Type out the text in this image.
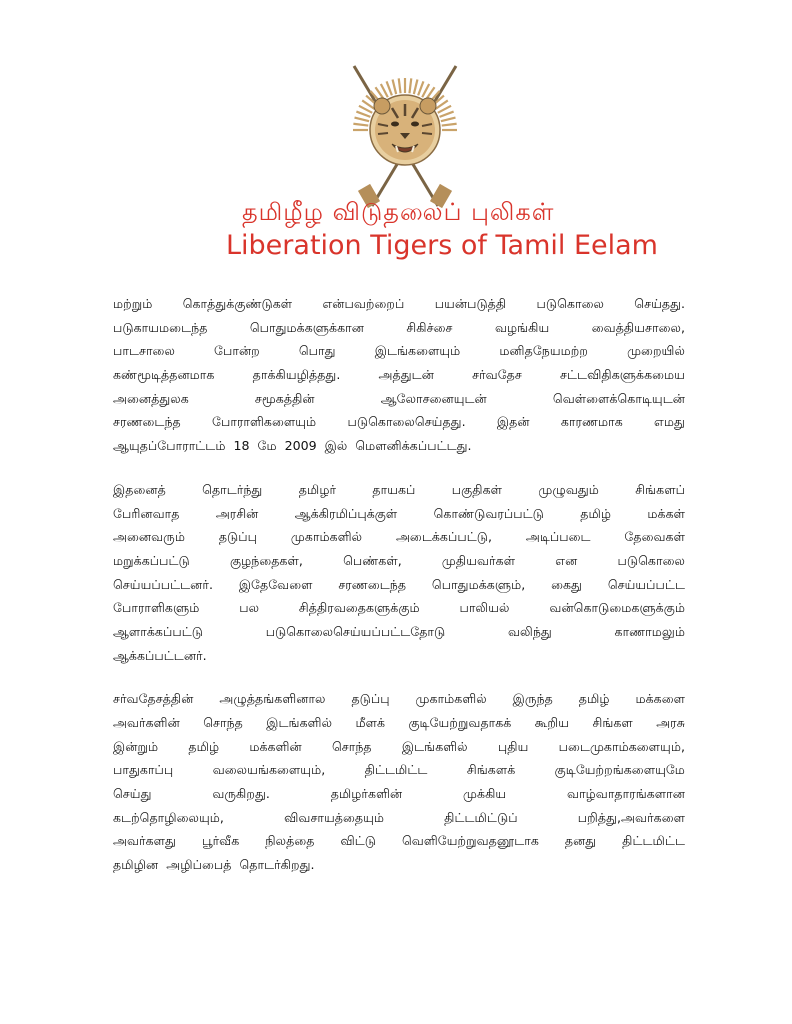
தமிழீழ விடுதலைப் புலிகள்
Liberation Tigers of Tamil Eelam
மற்றும் கொத்துக்குண்டுகள் என்பவற்றைப் பயன்படுத்தி படுகொலை செய்தது.
படுகாயமடைந்த	பொதுமக்களுக்கான	சிகிச்சை	வழங்கிய	வைத்தியசாலை,
பாடசாலை	போன்ற	பொது	இடங்களையும்	மனிதநேயமற்ற	முறையில்
கண்மூடித்தனமாக	தாக்கியழித்தது.	அத்துடன்	சர்வதேச	சட்டவிதிகளுக்கமைய
அனைத்துலக	சமூகத்தின்	ஆலோசனையுடன்	வெள்ளைக்கொடியுடன்
சரணடைந்த போராளிகளையும் படுகொலைசெய்தது. இதன் காரணமாக எமது
ஆயுதப்போராட்டம் 18 மே 2009 இல் மௌனிக்கப்பட்டது.
இதனைத்	தொடர்ந்து	தமிழர்	தாயகப்	பகுதிகள்	முழுவதும்	சிங்களப்
பேரினவாத	அரசின்	ஆக்கிரமிப்புக்குள்	கொண்டுவரப்பட்டு	தமிழ்	மக்கள்
அனைவரும்	தடுப்பு	முகாம்களில்	அடைக்கப்பட்டு,	அடிப்படை	தேவைகள்
மறுக்கப்பட்டு	குழந்தைகள்,	பெண்கள்,	முதியவர்கள்	என	படுகொலை
செய்யப்பட்டனர். இதேவேளை சரணடைந்த பொதுமக்களும், கைது செய்யப்பட்ட
போராளிகளும்	பல	சித்திரவதைகளுக்கும்	பாலியல்	வன்கொடுமைகளுக்கும்
ஆளாக்கப்பட்டு	படுகொலைசெய்யப்பட்டதோடு	வலிந்து	காணாமலும்
ஆக்கப்பட்டனர்.
சர்வதேசத்தின் அழுத்தங்களினால தடுப்பு முகாம்களில் இருந்த தமிழ் மக்களை
அவர்களின் சொந்த இடங்களில் மீளக் குடியேற்றுவதாகக் கூறிய சிங்கள அரசு
இன்றும் தமிழ் மக்களின் சொந்த இடங்களில் புதிய படைமுகாம்களையும்,
பாதுகாப்பு	வலையங்களையும்,	திட்டமிட்ட	சிங்களக்	குடியேற்றங்களையுமே
செய்து	வருகிறது.	தமிழர்களின்	முக்கிய	வாழ்வாதாரங்களான
கடற்தொழிலையும்,	விவசாயத்தையும்	திட்டமிட்டுப்	பறித்து,அவர்களை
அவர்களது பூர்வீக நிலத்தை விட்டு வெளியேற்றுவதனூடாக தனது திட்டமிட்ட
தமிழின அழிப்பைத் தொடர்கிறது.
